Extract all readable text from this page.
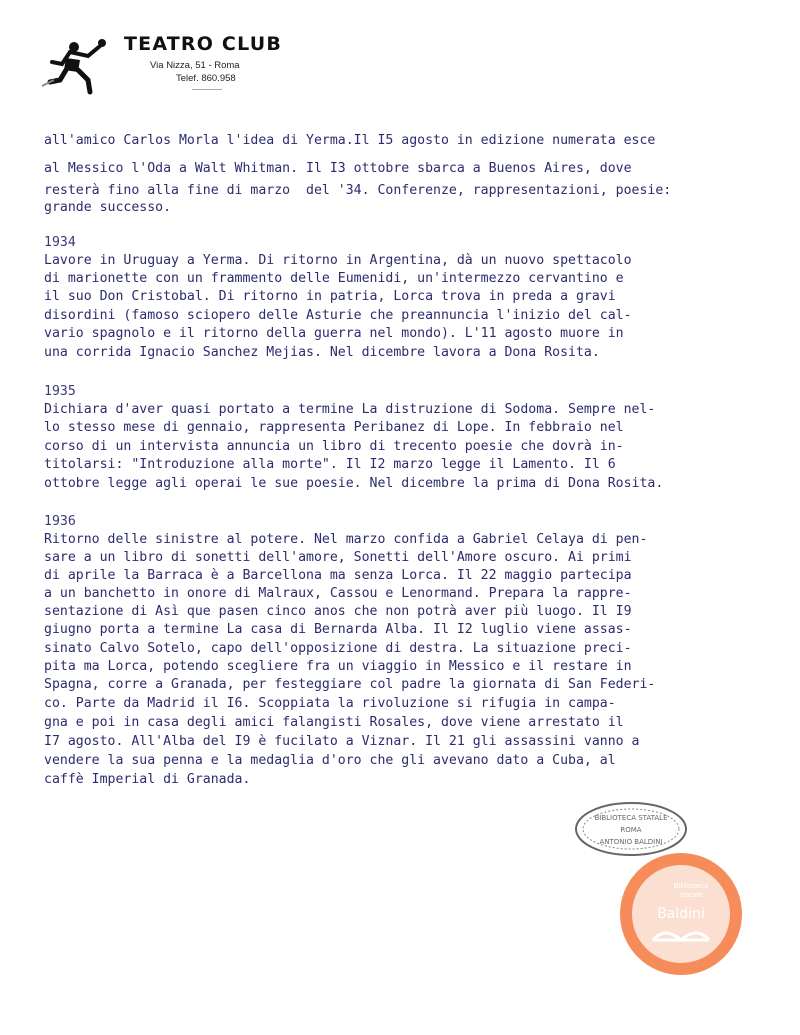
TEATRO CLUB
Via Nizza, 51 - Roma
Telef. 860.958
all'amico Carlos Morla l'idea di Yerma.Il I5 agosto in edizione numerata esce
al Messico l'Oda a Walt Whitman. Il I3 ottobre sbarca a Buenos Aires, dove
resterà fino alla fine di marzo  del '34. Conferenze, rappresentazioni, poesie:
grande successo.
1934
Lavore in Uruguay a Yerma. Di ritorno in Argentina, dà un nuovo spettacolo
di marionette con un frammento delle Eumenidi, un'intermezzo cervantino e
il suo Don Cristobal. Di ritorno in patria, Lorca trova in preda a gravi
disordini (famoso sciopero delle Asturie che preannuncia l'inizio del cal-
vario spagnolo e il ritorno della guerra nel mondo). L'11 agosto muore in
una corrida Ignacio Sanchez Mejias. Nel dicembre lavora a Dona Rosita.
1935
Dichiara d'aver quasi portato a termine La distruzione di Sodoma. Sempre nel-
lo stesso mese di gennaio, rappresenta Peribanez di Lope. In febbraio nel
corso di un intervista annuncia un libro di trecento poesie che dovrà in-
titolarsi: "Introduzione alla morte". Il I2 marzo legge il Lamento. Il 6
ottobre legge agli operai le sue poesie. Nel dicembre la prima di Dona Rosita.
1936
Ritorno delle sinistre al potere. Nel marzo confida a Gabriel Celaya di pen-
sare a un libro di sonetti dell'amore, Sonetti dell'Amore oscuro. Ai primi
di aprile la Barraca è a Barcellona ma senza Lorca. Il 22 maggio partecipa
a un banchetto in onore di Malraux, Cassou e Lenormand. Prepara la rappre-
sentazione di Asì que pasen cinco anos che non potrà aver più luogo. Il I9
giugno porta a termine La casa di Bernarda Alba. Il I2 luglio viene assas-
sinato Calvo Sotelo, capo dell'opposizione di destra. La situazione preci-
pita ma Lorca, potendo scegliere fra un viaggio in Messico e il restare in
Spagna, corre a Granada, per festeggiare col padre la giornata di San Federi-
co. Parte da Madrid il I6. Scoppiata la rivoluzione si rifugia in campa-
gna e poi in casa degli amici falangisti Rosales, dove viene arrestato il
I7 agosto. All'Alba del I9 è fucilato a Viznar. Il 21 gli assassini vanno a
vendere la sua penna e la medaglia d'oro che gli avevano dato a Cuba, al
caffè Imperial di Granada.
BIBLIOTECA STATALE
ROMA
ANTONIO BALDINI
Biblioteca
statale
Baldini
